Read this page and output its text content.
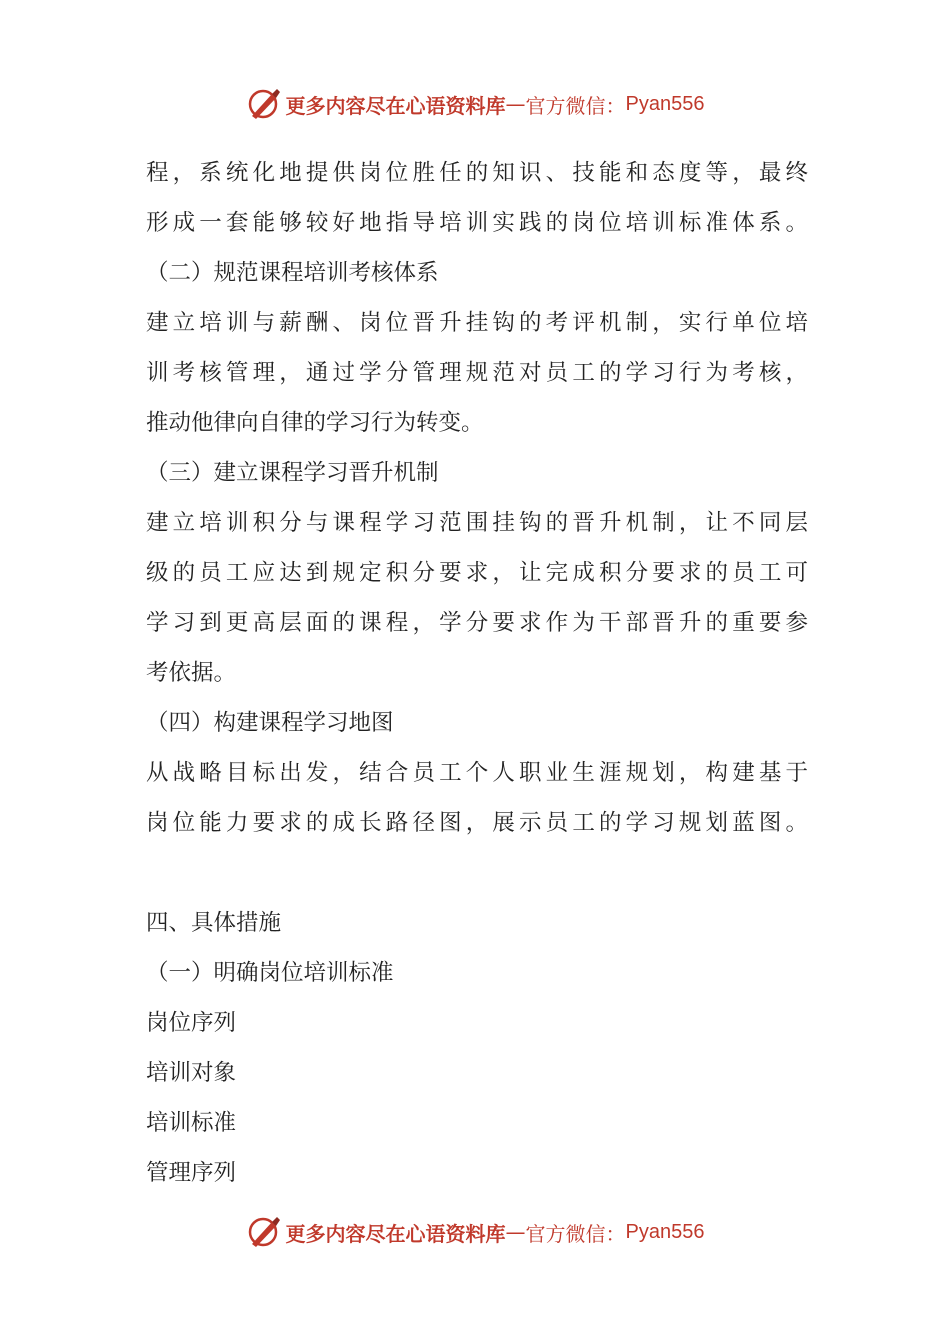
更多内容尽在心语资料库 — 官方微信： Pyan556
程，系统化地提供岗位胜任的知识、技能和态度等，最终
形成一套能够较好地指导培训实践的岗位培训标准体系。
（二）规范课程培训考核体系
建立培训与薪酬、岗位晋升挂钩的考评机制，实行单位培
训考核管理，通过学分管理规范对员工的学习行为考核，
推动他律向自律的学习行为转变。
（三）建立课程学习晋升机制
建立培训积分与课程学习范围挂钩的晋升机制，让不同层
级的员工应达到规定积分要求，让完成积分要求的员工可
学习到更高层面的课程，学分要求作为干部晋升的重要参
考依据。
（四）构建课程学习地图
从战略目标出发，结合员工个人职业生涯规划，构建基于
岗位能力要求的成长路径图，展示员工的学习规划蓝图。
四、具体措施
（一）明确岗位培训标准
岗位序列
培训对象
培训标准
管理序列
更多内容尽在心语资料库 — 官方微信： Pyan556
